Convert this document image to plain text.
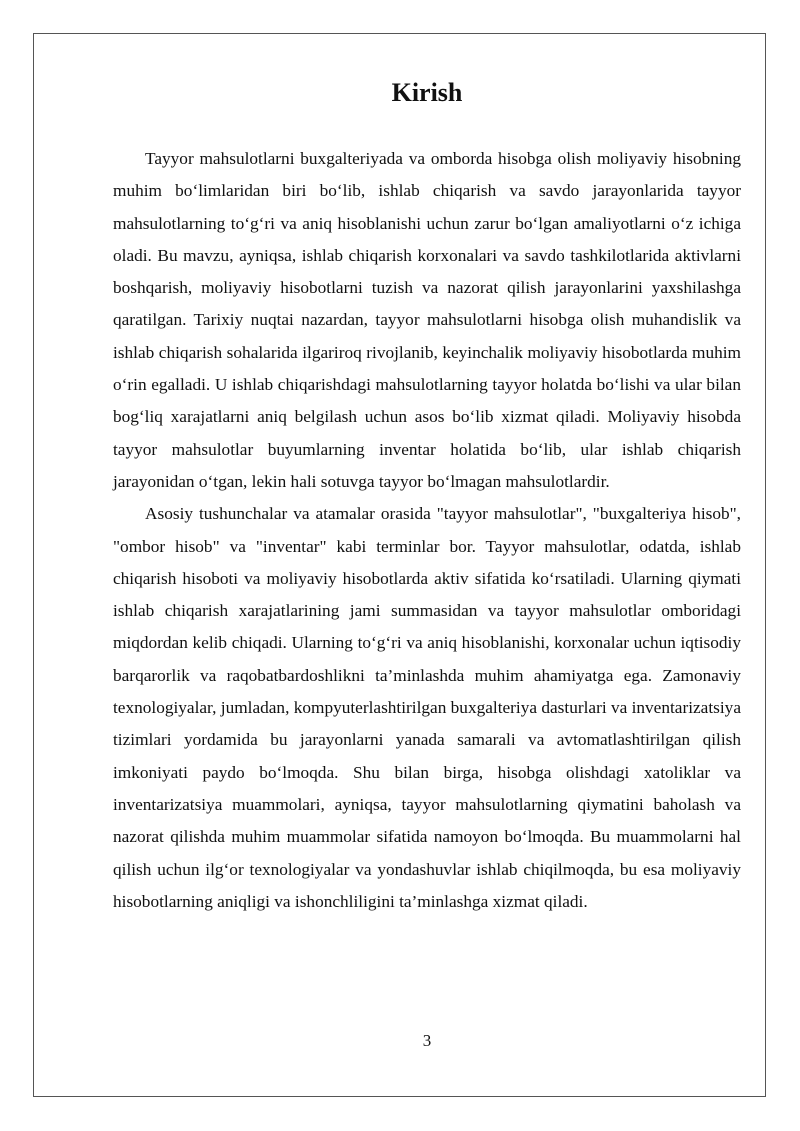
Kirish

Tayyor mahsulotlarni buxgalteriyada va omborda hisobga olish moliyaviy hisobning muhim bo‘limlaridan biri bo‘lib, ishlab chiqarish va savdo jarayonlarida tayyor mahsulotlarning to‘g‘ri va aniq hisoblanishi uchun zarur bo‘lgan amaliyotlarni o‘z ichiga oladi. Bu mavzu, ayniqsa, ishlab chiqarish korxonalari va savdo tashkilotlarida aktivlarni boshqarish, moliyaviy hisobotlarni tuzish va nazorat qilish jarayonlarini yaxshilashga qaratilgan. Tarixiy nuqtai nazardan, tayyor mahsulotlarni hisobga olish muhandislik va ishlab chiqarish sohalarida ilgariroq rivojlanib, keyinchalik moliyaviy hisobotlarda muhim o‘rin egalladi. U ishlab chiqarishdagi mahsulotlarning tayyor holatda bo‘lishi va ular bilan bog‘liq xarajatlarni aniq belgilash uchun asos bo‘lib xizmat qiladi. Moliyaviy hisobda tayyor mahsulotlar buyumlarning inventar holatida bo‘lib, ular ishlab chiqarish jarayonidan o‘tgan, lekin hali sotuvga tayyor bo‘lmagan mahsulotlardir.

Asosiy tushunchalar va atamalar orasida "tayyor mahsulotlar", "buxgalteriya hisob", "ombor hisob" va "inventar" kabi terminlar bor. Tayyor mahsulotlar, odatda, ishlab chiqarish hisoboti va moliyaviy hisobotlarda aktiv sifatida ko‘rsatiladi. Ularning qiymati ishlab chiqarish xarajatlarining jami summasidan va tayyor mahsulotlar omboridagi miqdordan kelib chiqadi. Ularning to‘g‘ri va aniq hisoblanishi, korxonalar uchun iqtisodiy barqarorlik va raqobatbardoshlikni ta’minlashda muhim ahamiyatga ega. Zamonaviy texnologiyalar, jumladan, kompyuterlashtirilgan buxgalteriya dasturlari va inventarizatsiya tizimlari yordamida bu jarayonlarni yanada samarali va avtomatlashtirilgan qilish imkoniyati paydo bo‘lmoqda. Shu bilan birga, hisobga olishdagi xatoliklar va inventarizatsiya muammolari, ayniqsa, tayyor mahsulotlarning qiymatini baholash va nazorat qilishda muhim muammolar sifatida namoyon bo‘lmoqda. Bu muammolarni hal qilish uchun ilg‘or texnologiyalar va yondashuvlar ishlab chiqilmoqda, bu esa moliyaviy hisobotlarning aniqligi va ishonchliligini ta’minlashga xizmat qiladi.

3
